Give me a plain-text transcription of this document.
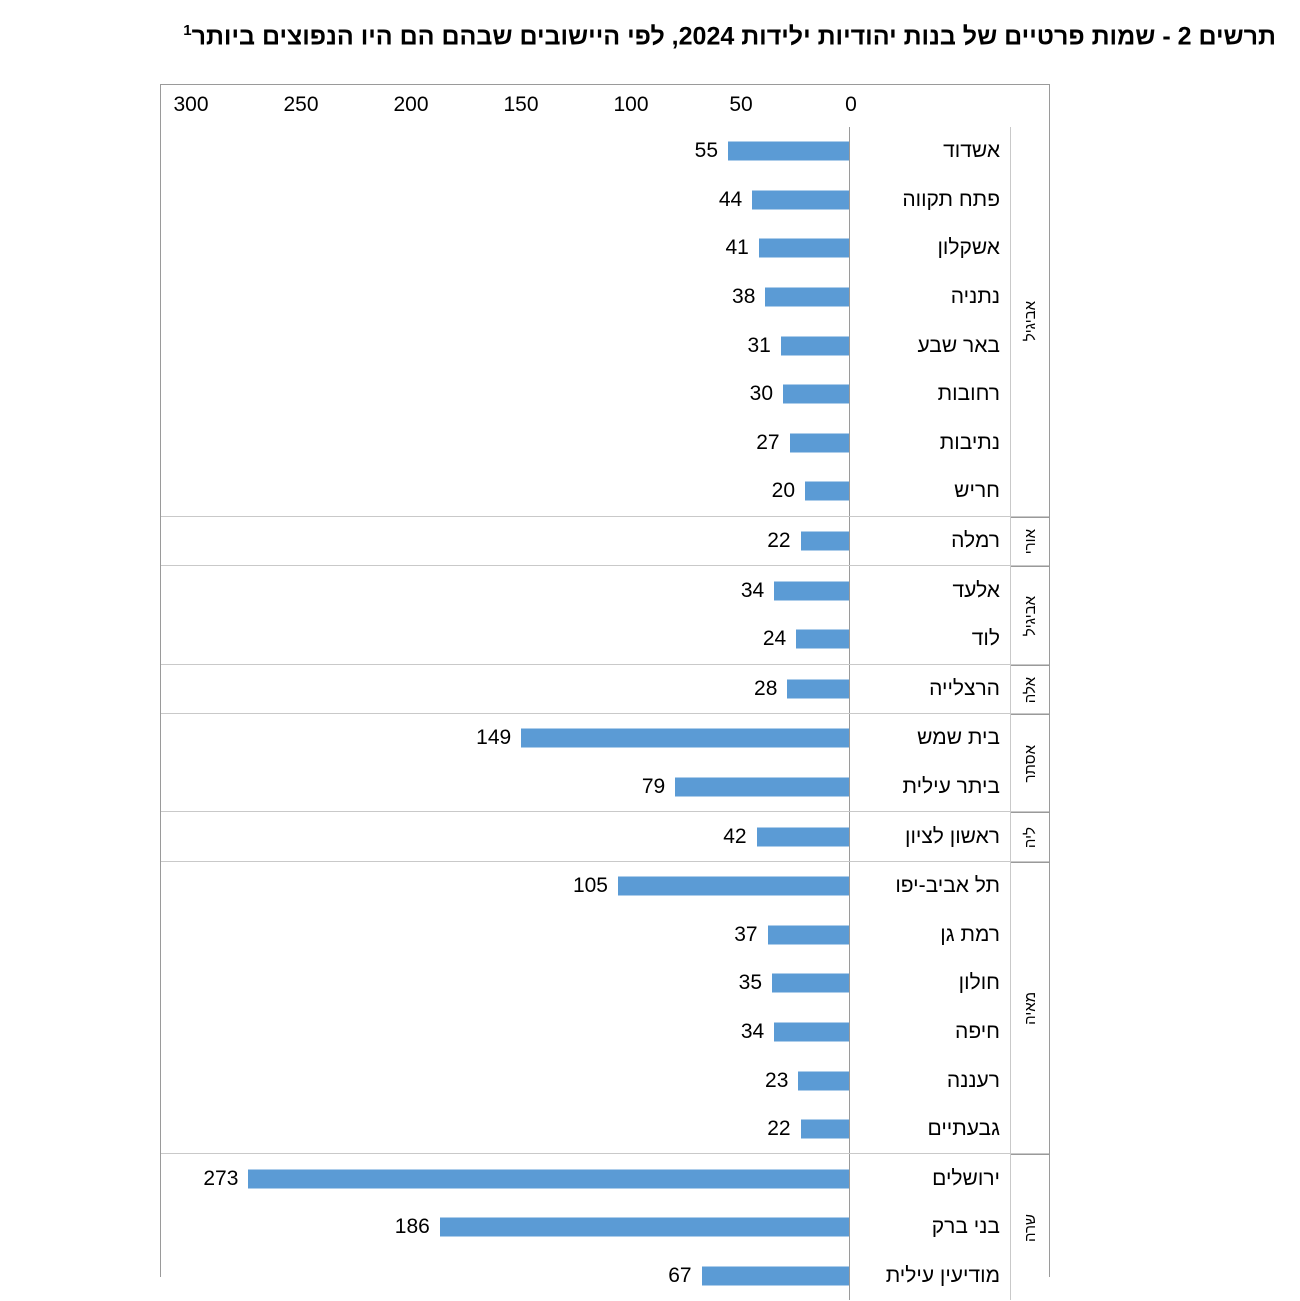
תרשים 2 - שמות פרטיים של בנות יהודיות ילידות 2024, לפי היישובים שבהם הם היו הנפוצים ביותר$^1$
300	250	200	150	100	50	0
אביגיל
אשדוד
55
פתח תקווה
44
אשקלון
41
נתניה
38
באר שבע
31
רחובות
30
נתיבות
27
חריש
20
אורי
רמלה
22
אביגיל
אלעד
34
לוד
24
אלה
הרצלייה
28
אסתר
בית שמש
149
ביתר עילית
79
ליה
ראשון לציון
42
מאיה
תל אביב-יפו
105
רמת גן
37
חולון
35
חיפה
34
רעננה
23
גבעתיים
22
שרה
ירושלים
273
בני ברק
186
מודיעין עילית
67
